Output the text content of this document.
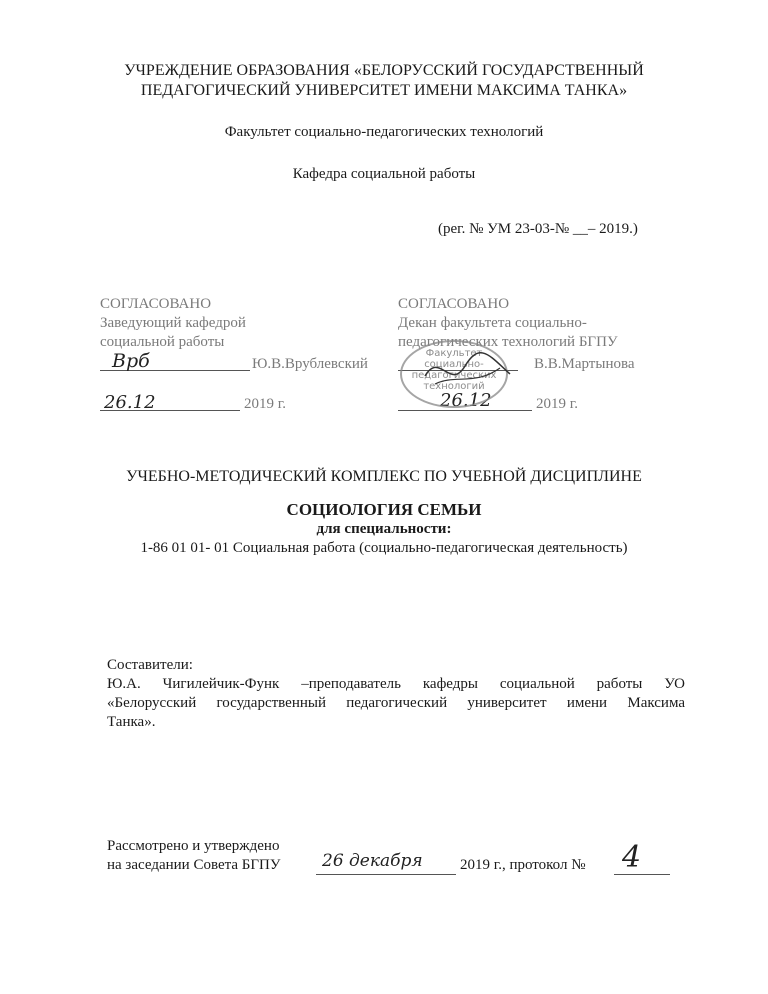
УЧРЕЖДЕНИЕ ОБРАЗОВАНИЯ «БЕЛОРУССКИЙ ГОСУДАРСТВЕННЫЙ
ПЕДАГОГИЧЕСКИЙ УНИВЕРСИТЕТ ИМЕНИ МАКСИМА ТАНКА»
Факультет социально-педагогических технологий
Кафедра социальной работы
(рег. № УМ 23-03-№ __– 2019.)
СОГЛАСОВАНО
Заведующий кафедрой
социальной работы
Врб	Ю.В.Врублевский
26.12	2019 г.
СОГЛАСОВАНО
Декан факультета социально-
педагогических технологий БГПУ
В.В.Мартынова
26.12	2019 г.
Факультет
социально-
педагогических
технологий
УЧЕБНО-МЕТОДИЧЕСКИЙ КОМПЛЕКС ПО УЧЕБНОЙ ДИСЦИПЛИНЕ
СОЦИОЛОГИЯ СЕМЬИ
для специальности:
1-86 01 01- 01 Социальная работа (социально-педагогическая деятельность)
Составители:
Ю.А. Чигилейчик-Функ –преподаватель кафедры социальной работы УО
«Белорусский государственный педагогический университет имени Максима
Танка».
Рассмотрено и утверждено
на заседании Совета БГПУ 26 декабря 2019 г., протокол № 4
